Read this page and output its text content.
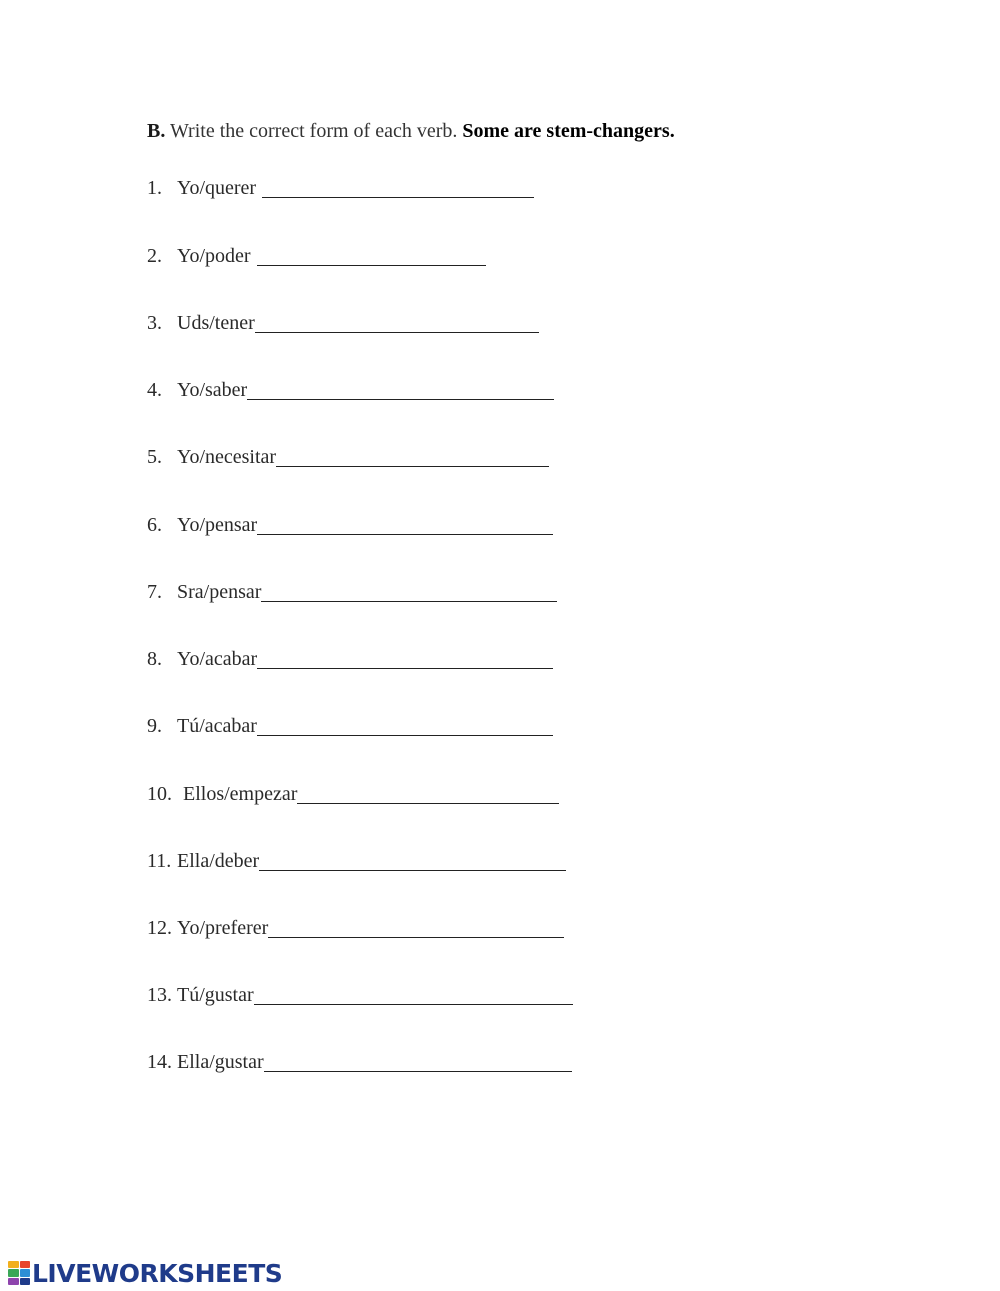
B. Write the correct form of each verb. Some are stem-changers.
1. Yo/querer
2. Yo/poder
3. Uds/tener
4. Yo/saber
5. Yo/necesitar
6. Yo/pensar
7. Sra/pensar
8. Yo/acabar
9. Tú/acabar
10. Ellos/empezar
11. Ella/deber
12. Yo/preferer
13. Tú/gustar
14. Ella/gustar
LIVEWORKSHEETS
